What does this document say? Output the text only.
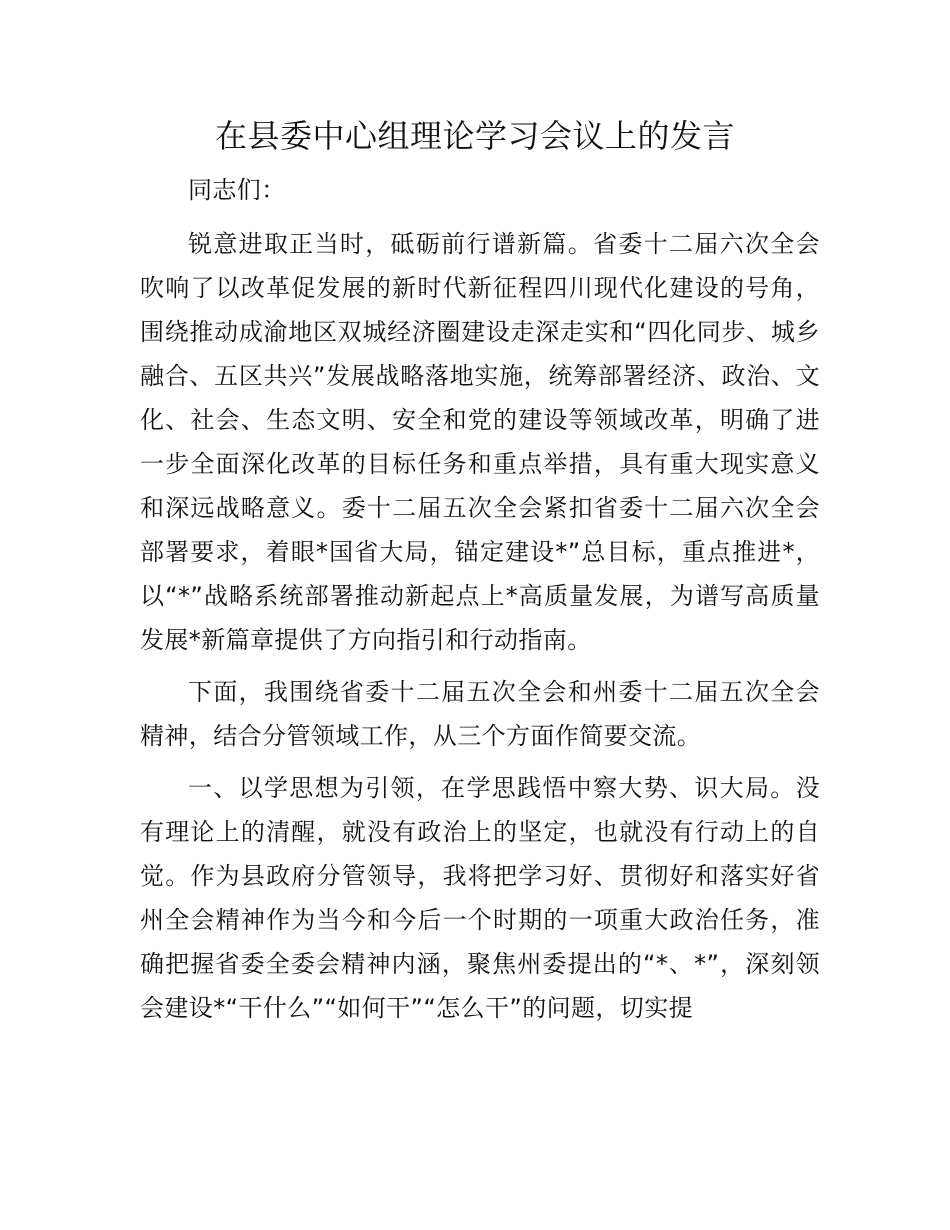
在县委中心组理论学习会议上的发言

同志们：

锐意进取正当时，砥砺前行谱新篇。省委十二届六次全会吹响了以改革促发展的新时代新征程四川现代化建设的号角，围绕推动成渝地区双城经济圈建设走深走实和“四化同步、城乡融合、五区共兴”发展战略落地实施，统筹部署经济、政治、文化、社会、生态文明、安全和党的建设等领域改革，明确了进一步全面深化改革的目标任务和重点举措，具有重大现实意义和深远战略意义。委十二届五次全会紧扣省委十二届六次全会部署要求，着眼*国省大局，锚定建设*”总目标，重点推进*，以“*”战略系统部署推动新起点上*高质量发展，为谱写高质量发展*新篇章提供了方向指引和行动指南。

下面，我围绕省委十二届五次全会和州委十二届五次全会精神，结合分管领域工作，从三个方面作简要交流。

一、以学思想为引领，在学思践悟中察大势、识大局。没有理论上的清醒，就没有政治上的坚定，也就没有行动上的自觉。作为县政府分管领导，我将把学习好、贯彻好和落实好省州全会精神作为当今和今后一个时期的一项重大政治任务，准确把握省委全委会精神内涵，聚焦州委提出的“*、*”，深刻领会建设*“干什么”“如何干”“怎么干”的问题，切实提
